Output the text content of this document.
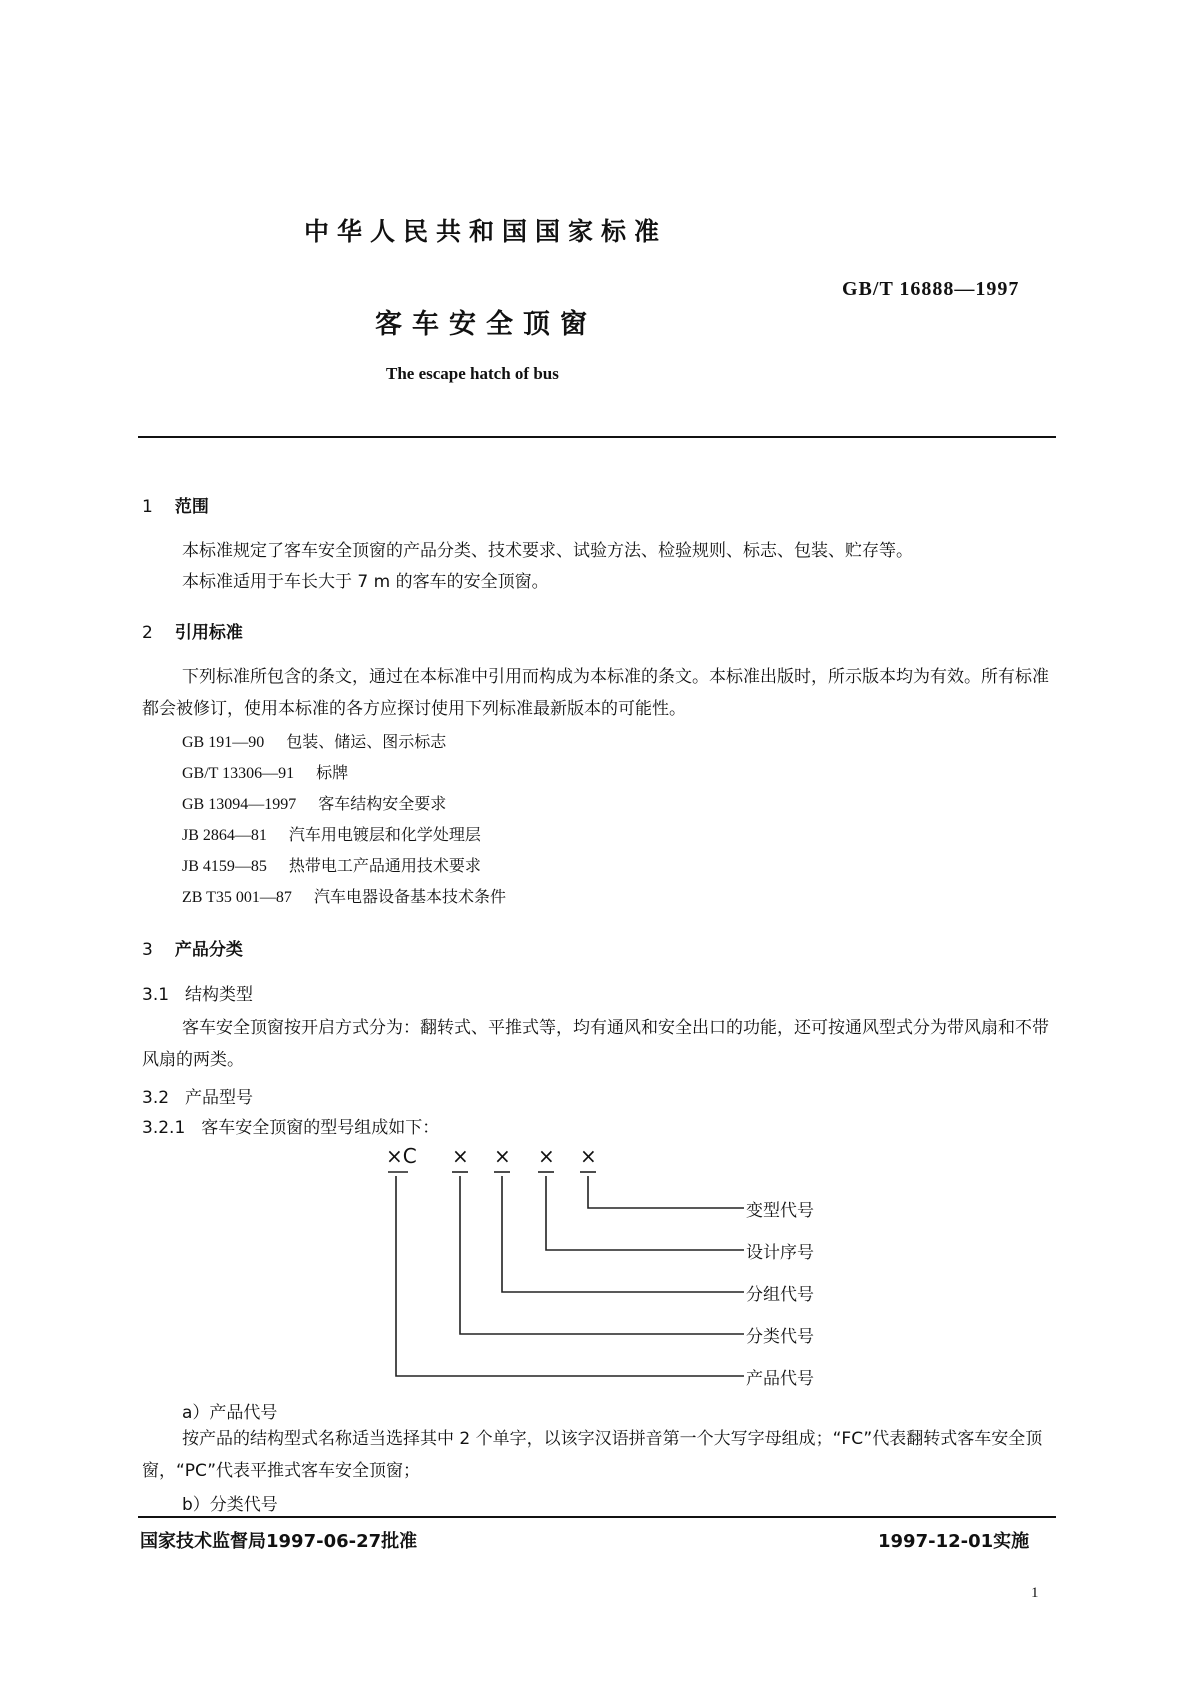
中华人民共和国国家标准
GB/T 16888—1997
客车安全顶窗
The escape hatch of bus
1 范围
本标准规定了客车安全顶窗的产品分类、技术要求、试验方法、检验规则、标志、包装、贮存等。
本标准适用于车长大于 7 m 的客车的安全顶窗。
2 引用标准
下列标准所包含的条文，通过在本标准中引用而构成为本标准的条文。本标准出版时，所示版本均为有效。所有标准都会被修订，使用本标准的各方应探讨使用下列标准最新版本的可能性。
GB 191—90 包装、储运、图示标志
GB/T 13306—91 标牌
GB 13094—1997 客车结构安全要求
JB 2864—81 汽车用电镀层和化学处理层
JB 4159—85 热带电工产品通用技术要求
ZB T35 001—87 汽车电器设备基本技术条件
3 产品分类
3.1 结构类型
客车安全顶窗按开启方式分为：翻转式、平推式等，均有通风和安全出口的功能，还可按通风型式分为带风扇和不带风扇的两类。
3.2 产品型号
3.2.1 客车安全顶窗的型号组成如下：
×C × × × ×
变型代号
设计序号
分组代号
分类代号
产品代号
a）产品代号
按产品的结构型式名称适当选择其中 2 个单字，以该字汉语拼音第一个大写字母组成；“FC”代表翻转式客车安全顶窗，“PC”代表平推式客车安全顶窗；
b）分类代号
国家技术监督局1997-06-27批准	1997-12-01实施
1
